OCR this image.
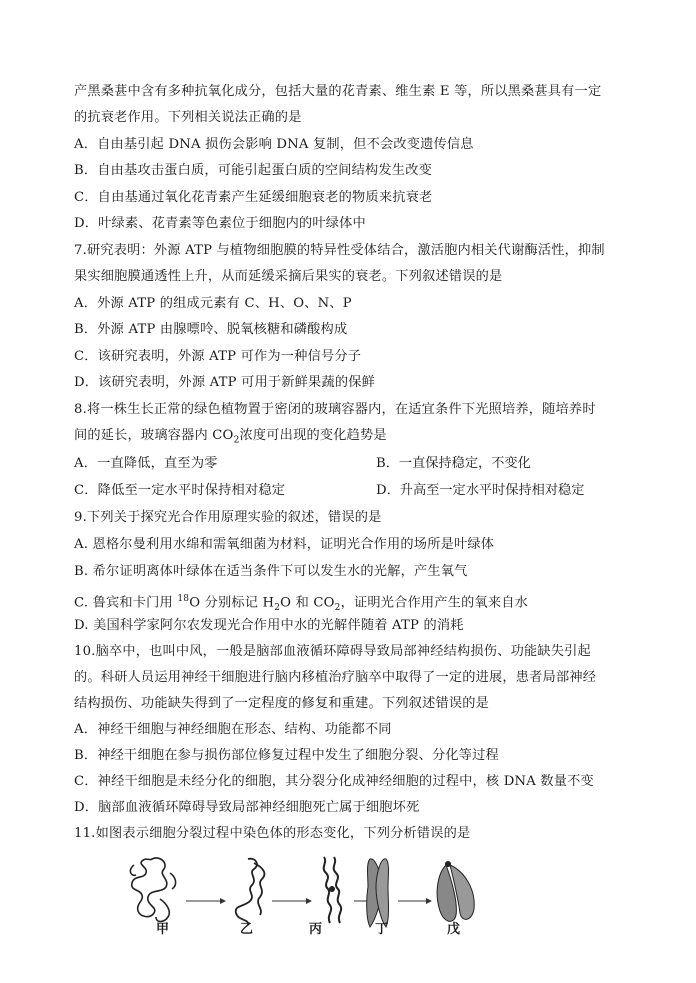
产黑桑葚中含有多种抗氧化成分，包括大量的花青素、维生素 E 等，所以黑桑葚具有一定
的抗衰老作用。下列相关说法正确的是
A．自由基引起 DNA 损伤会影响 DNA 复制，但不会改变遗传信息
B．自由基攻击蛋白质，可能引起蛋白质的空间结构发生改变
C．自由基通过氧化花青素产生延缓细胞衰老的物质来抗衰老
D．叶绿素、花青素等色素位于细胞内的叶绿体中
7.研究表明：外源 ATP 与植物细胞膜的特异性受体结合，激活胞内相关代谢酶活性，抑制
果实细胞膜通透性上升，从而延缓采摘后果实的衰老。下列叙述错误的是
A．外源 ATP 的组成元素有 C、H、O、N、P
B．外源 ATP 由腺嘌呤、脱氧核糖和磷酸构成
C．该研究表明，外源 ATP 可作为一种信号分子
D．该研究表明，外源 ATP 可用于新鲜果蔬的保鲜
8.将一株生长正常的绿色植物置于密闭的玻璃容器内，在适宜条件下光照培养，随培养时
间的延长，玻璃容器内 $CO_2$浓度可出现的变化趋势是
A．一直降低，直至为零	B．一直保持稳定，不变化
C．降低至一定水平时保持相对稳定	D．升高至一定水平时保持相对稳定
9.下列关于探究光合作用原理实验的叙述，错误的是
A. 恩格尔曼利用水绵和需氧细菌为材料，证明光合作用的场所是叶绿体
B. 希尔证明离体叶绿体在适当条件下可以发生水的光解，产生氧气
C. 鲁宾和卡门用 $^{18}$O 分别标记 $H_2O$ 和 $CO_2$，证明光合作用产生的氧来自水
D. 美国科学家阿尔农发现光合作用中水的光解伴随着 ATP 的消耗
10.脑卒中，也叫中风，一般是脑部血液循环障碍导致局部神经结构损伤、功能缺失引起
的。科研人员运用神经干细胞进行脑内移植治疗脑卒中取得了一定的进展，患者局部神经
结构损伤、功能缺失得到了一定程度的修复和重建。下列叙述错误的是
A．神经干细胞与神经细胞在形态、结构、功能都不同
B．神经干细胞在参与损伤部位修复过程中发生了细胞分裂、分化等过程
C．神经干细胞是未经分化的细胞，其分裂分化成神经细胞的过程中，核 DNA 数量不变
D．脑部血液循环障碍导致局部神经细胞死亡属于细胞坏死
11.如图表示细胞分裂过程中染色体的形态变化，下列分析错误的是
甲	乙	丙	丁	戊
